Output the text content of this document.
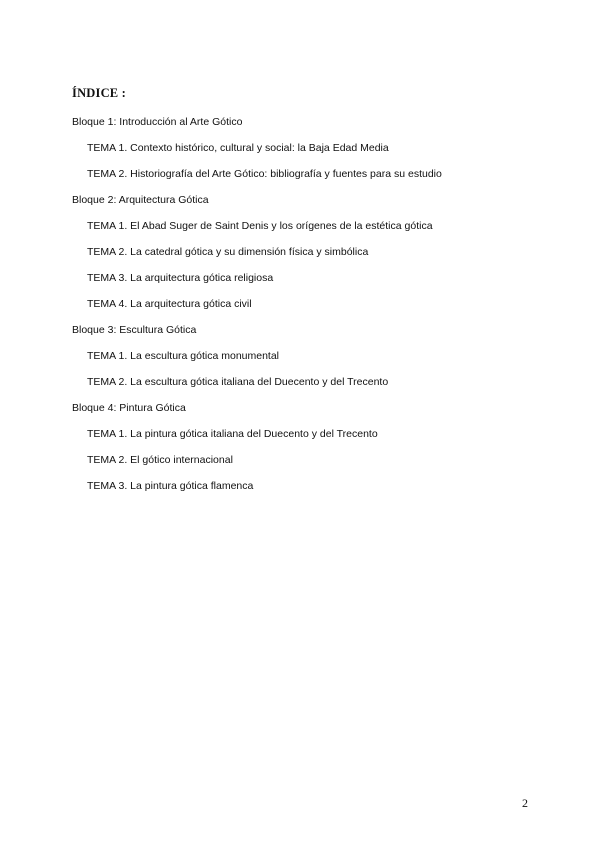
ÍNDICE :
Bloque 1: Introducción al Arte Gótico
TEMA 1. Contexto histórico, cultural y social: la Baja Edad Media
TEMA 2. Historiografía del Arte Gótico: bibliografía y fuentes para su estudio
Bloque 2: Arquitectura Gótica
TEMA 1. El Abad Suger de Saint Denis y los orígenes de la estética gótica
TEMA 2. La catedral gótica y su dimensión física y simbólica
TEMA 3. La arquitectura gótica religiosa
TEMA 4. La arquitectura gótica civil
Bloque 3: Escultura Gótica
TEMA 1. La escultura gótica monumental
TEMA 2. La escultura gótica italiana del Duecento y del Trecento
Bloque 4: Pintura Gótica
TEMA 1. La pintura gótica italiana del Duecento y del Trecento
TEMA 2. El gótico internacional
TEMA 3. La pintura gótica flamenca
2
